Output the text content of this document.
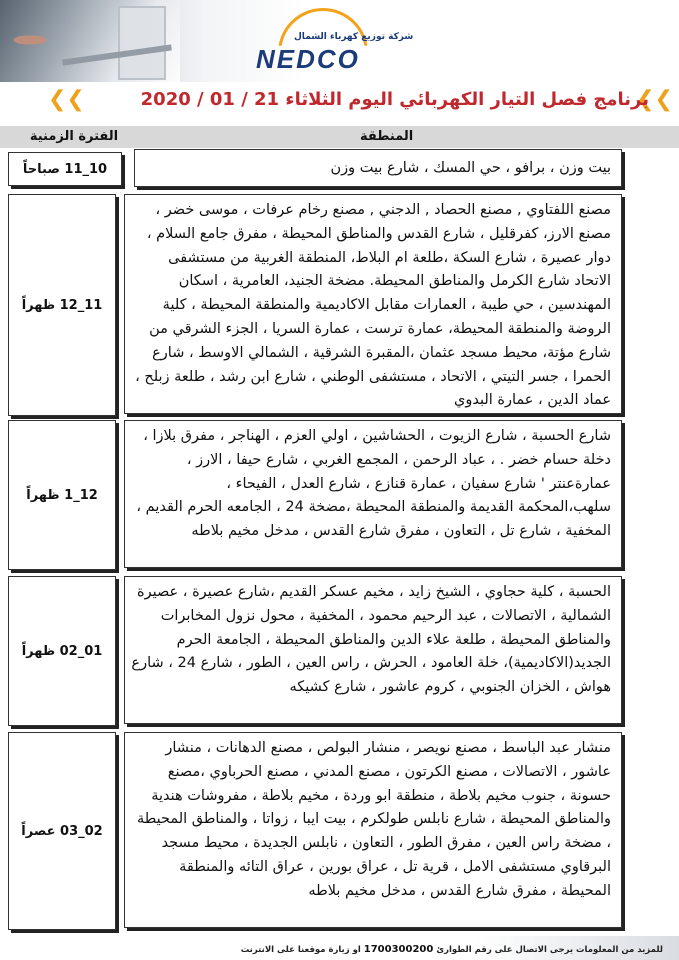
شركة توزيع كهرباء الشمال
NEDCO
❮❮
برنامج فصل التيار الكهربائي اليوم الثلاثاء 21 / 01 / 2020
❮❮
المنطقة
الفترة الزمنية
بيت وزن ، برافو ، حي المسك ، شارع بيت وزن
10_11 صباحاً
مصنع اللفتاوي , مصنع الحصاد , الدجني , مصنع رخام عرفات ، موسى خضر ، مصنع الارز، كفرقليل ، شارع القدس والمناطق المحيطة ، مفرق جامع السلام ، دوار عصيرة ، شارع السكة ،طلعة ام البلاط، المنطقة الغربية من مستشفى الاتحاد شارع الكرمل والمناطق المحيطة. مضخة الجنيد، العامرية ، اسكان المهندسين ، حي طيبة ، العمارات مقابل الاكاديمية والمنطقة المحيطة ، كلية الروضة والمنطقة المحيطة، عمارة ترست ، عمارة السريا ، الجزء الشرقي من شارع مؤتة، محيط مسجد عثمان ،المقبرة الشرقية ، الشمالي الاوسط ، شارع الحمرا ، جسر التيتي ، الاتحاد ، مستشفى الوطني ، شارع ابن رشد ، طلعة زبلح ، عماد الدين ، عمارة البدوي
11_12 ظهراً
شارع الحسبة ، شارع الزيوت ، الحشاشين ، اولي العزم ، الهناجر ، مفرق بلازا ، دخلة حسام خضر . ، عباد الرحمن ، المجمع الغربي ، شارع حيفا ، الارز ، عمارةعنتر ' شارع سفيان ، عمارة قنازع ، شارع العدل ، الفيحاء ، سلهب،المحكمة القديمة والمنطقة المحيطة ،مضخة 24 ، الجامعه الحرم القديم ، المخفية ، شارع تل ، التعاون ، مفرق شارع القدس ، مدخل مخيم بلاطه
12_1 ظهراً
الحسبة ، كلية حجاوي ، الشيخ زايد ، مخيم عسكر القديم ،شارع عصيرة ، عصيرة الشمالية ، الاتصالات ، عبد الرحيم محمود ، المخفية ، محول نزول المخابرات والمناطق المحيطة ، طلعة علاء الدين والمناطق المحيطة ، الجامعة الحرم الجديد(الاكاديمية)، خلة العامود ، الحرش ، راس العين ، الطور ، شارع 24 ، شارع هواش ، الخزان الجنوبي ، كروم عاشور ، شارع كشيكه
01_02 ظهراً
منشار عبد الباسط ، مصنع نويصر ، منشار البولص ، مصنع الدهانات ، منشار عاشور ، الاتصالات ، مصنع الكرتون ، مصنع المدني ، مصنع الحرباوي ،مصنع حسونة ، جنوب مخيم بلاطة ، منطقة ابو وردة ، مخيم بلاطة ، مفروشات هندية والمناطق المحيطة ، شارع نابلس طولكرم ، بيت ايبا ، زواتا ، والمناطق المحيطة ، مضخة راس العين ، مفرق الطور ، التعاون ، نابلس الجديدة ، محيط مسجد البرقاوي مستشفى الامل ، قرية تل ، عراق بورين ، عراق التائه والمنطقة المحيطة ، مفرق شارع القدس ، مدخل مخيم بلاطه
02_03 عصراً
للمزيد من المعلومات يرجى الاتصال على رقم الطوارئ 1700300200 او زيارة موقعنا على الانترنت
